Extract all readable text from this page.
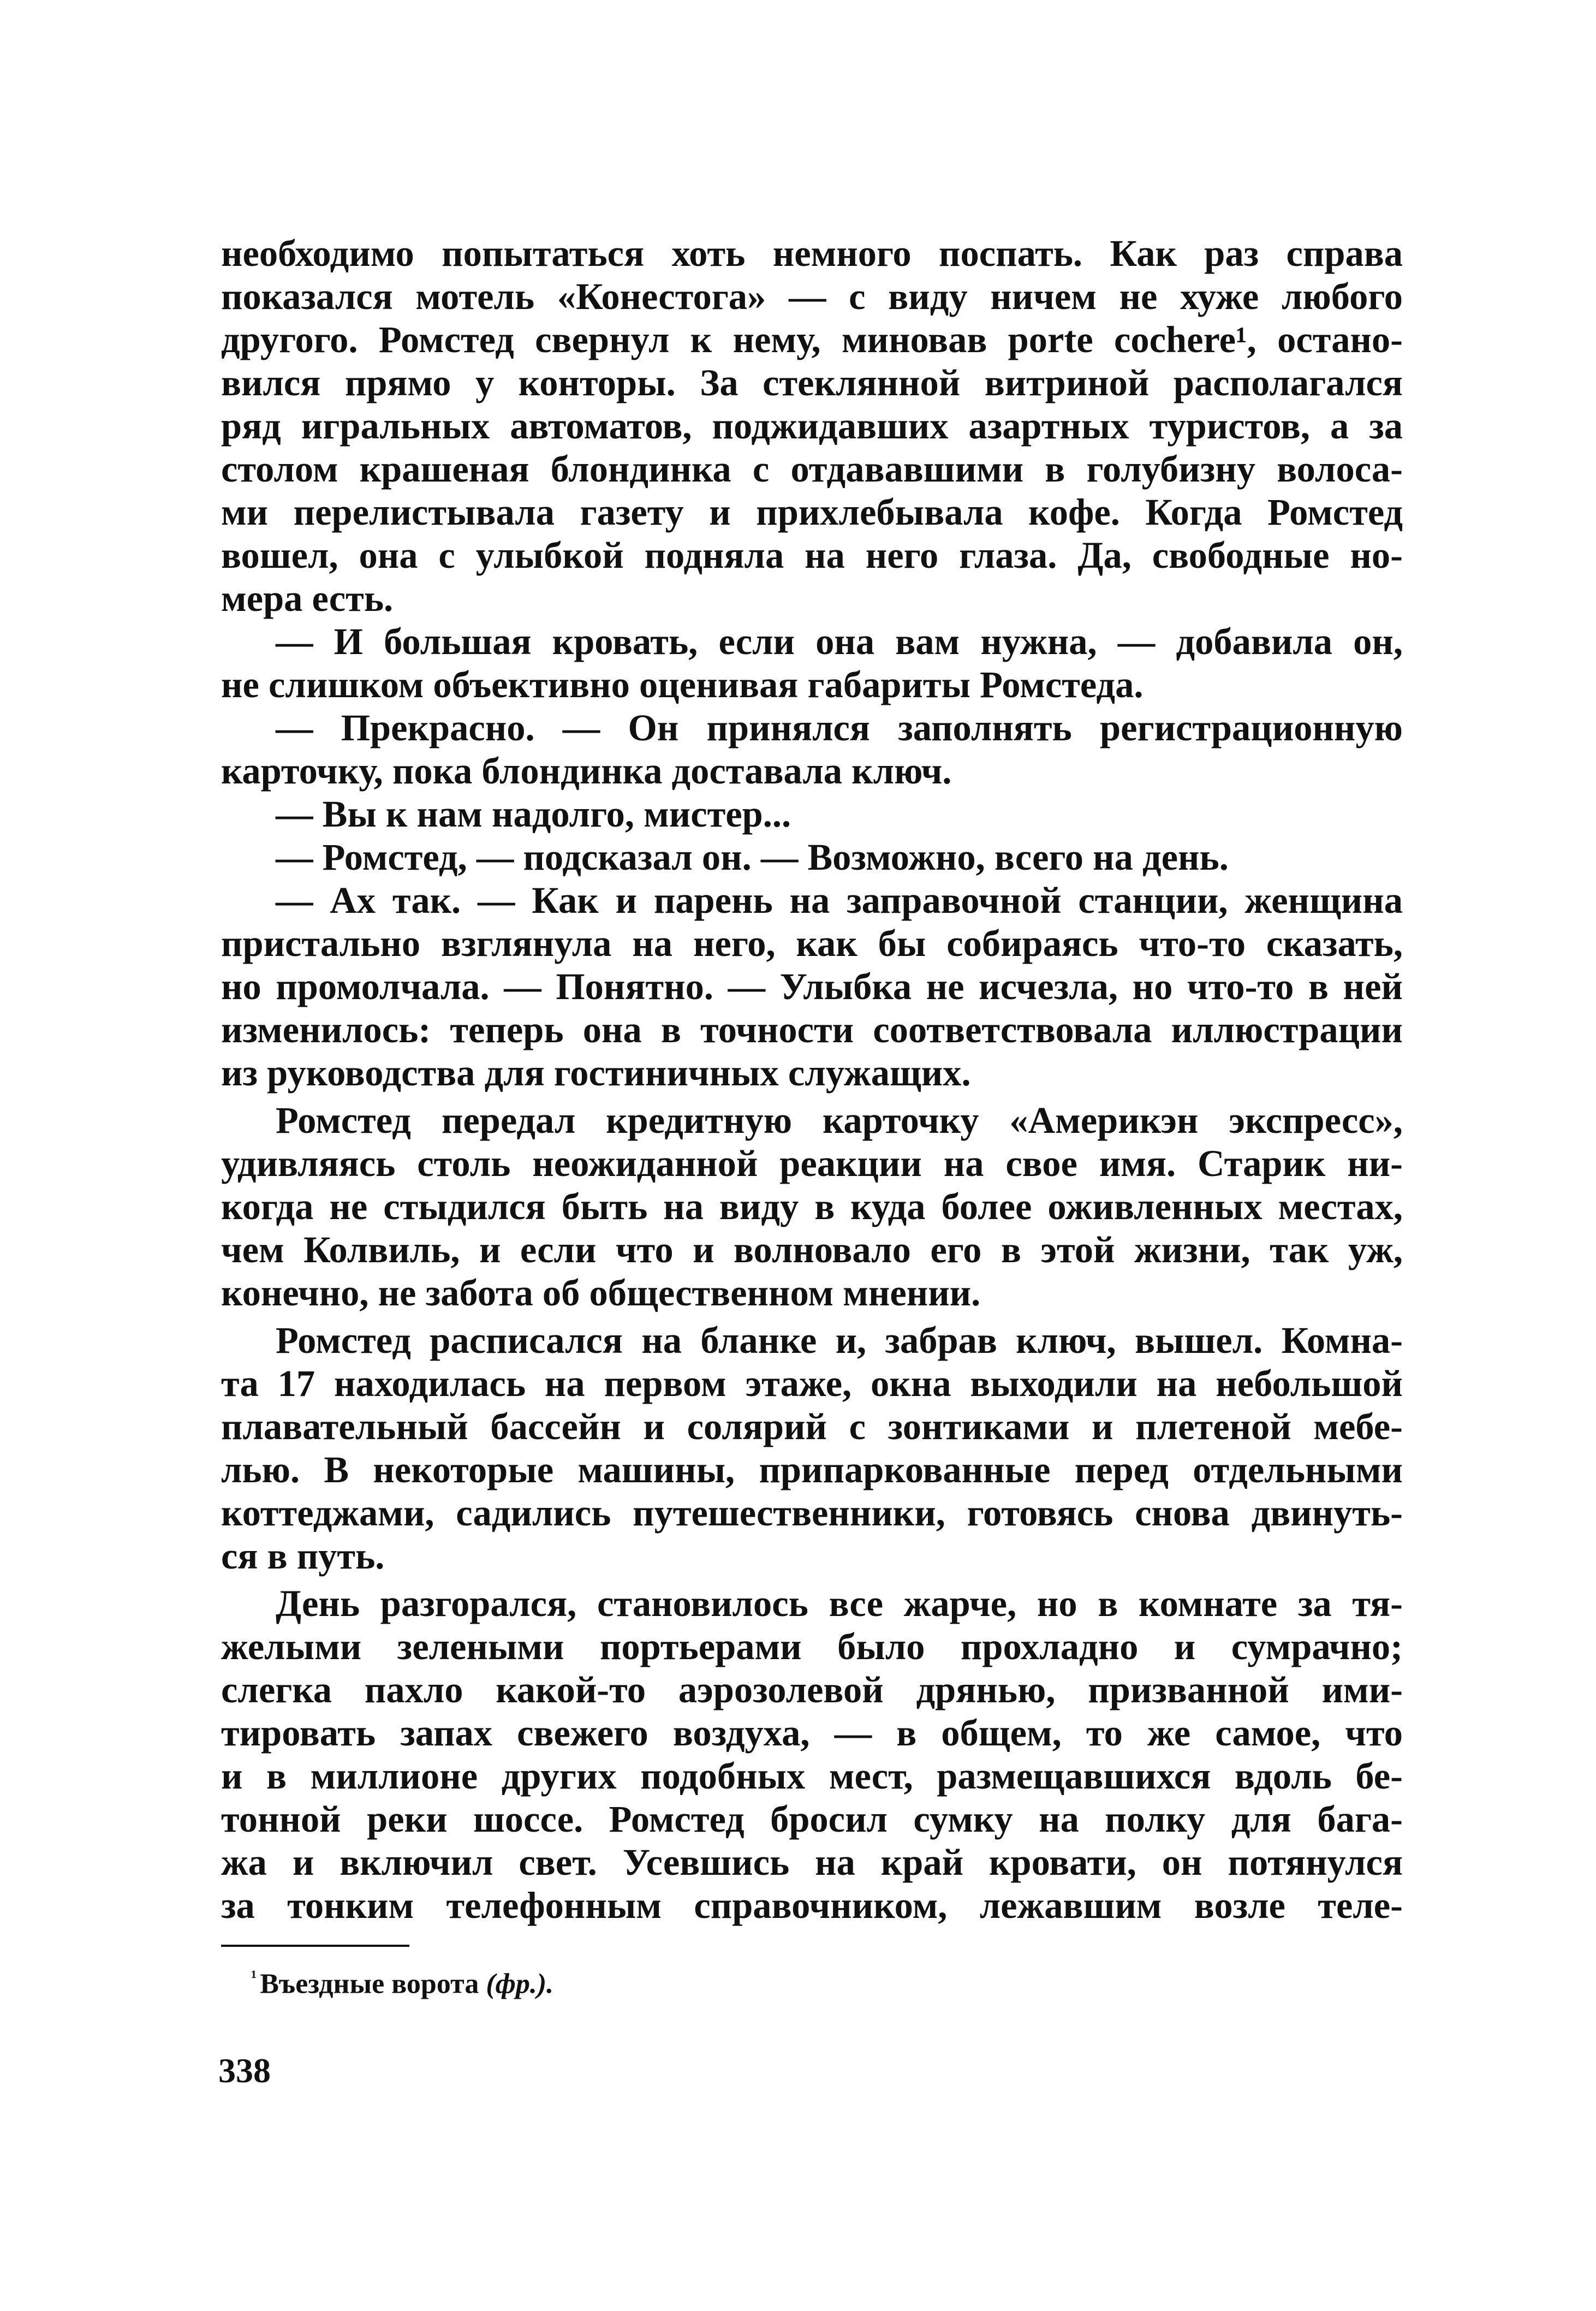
необходимо попытаться хоть немного поспать. Как раз справа
показался мотель «Конестога» — с виду ничем не хуже любого
другого. Ромстед свернул к нему, миновав porte cochere¹, остано-
вился прямо у конторы. За стеклянной витриной располагался
ряд игральных автоматов, поджидавших азартных туристов, а за
столом крашеная блондинка с отдававшими в голубизну волоса-
ми перелистывала газету и прихлебывала кофе. Когда Ромстед
вошел, она с улыбкой подняла на него глаза. Да, свободные но-

мера есть.

— И большая кровать, если она вам нужна, — добавила он,

не слишком объективно оценивая габариты Ромстеда.

— Прекрасно. — Он принялся заполнять регистрационную

карточку, пока блондинка доставала ключ.

— Вы к нам надолго, мистер...

— Ромстед, — подсказал он. — Возможно, всего на день.

— Ах так. — Как и парень на заправочной станции, женщина
пристально взглянула на него, как бы собираясь что-то сказать,
но промолчала. — Понятно. — Улыбка не исчезла, но что-то в ней
изменилось: теперь она в точности соответствовала иллюстрации

из руководства для гостиничных служащих.

Ромстед передал кредитную карточку «Америкэн экспресс»,
удивляясь столь неожиданной реакции на свое имя. Старик ни-
когда не стыдился быть на виду в куда более оживленных местах,
чем Колвиль, и если что и волновало его в этой жизни, так уж,

конечно, не забота об общественном мнении.

Ромстед расписался на бланке и, забрав ключ, вышел. Комна-
та 17 находилась на первом этаже, окна выходили на небольшой
плавательный бассейн и солярий с зонтиками и плетеной мебе-
лью. В некоторые машины, припаркованные перед отдельными
коттеджами, садились путешественники, готовясь снова двинуть-

ся в путь.

День разгорался, становилось все жарче, но в комнате за тя-
желыми зелеными портьерами было прохладно и сумрачно;
слегка пахло какой-то аэрозолевой дрянью, призванной ими-
тировать запах свежего воздуха, — в общем, то же самое, что
и в миллионе других подобных мест, размещавшихся вдоль бе-
тонной реки шоссе. Ромстед бросил сумку на полку для бага-
жа и включил свет. Усевшись на край кровати, он потянулся
за тонким телефонным справочником, лежавшим возле теле-

$^{^1}$ Въездные ворота (фр.).
338
